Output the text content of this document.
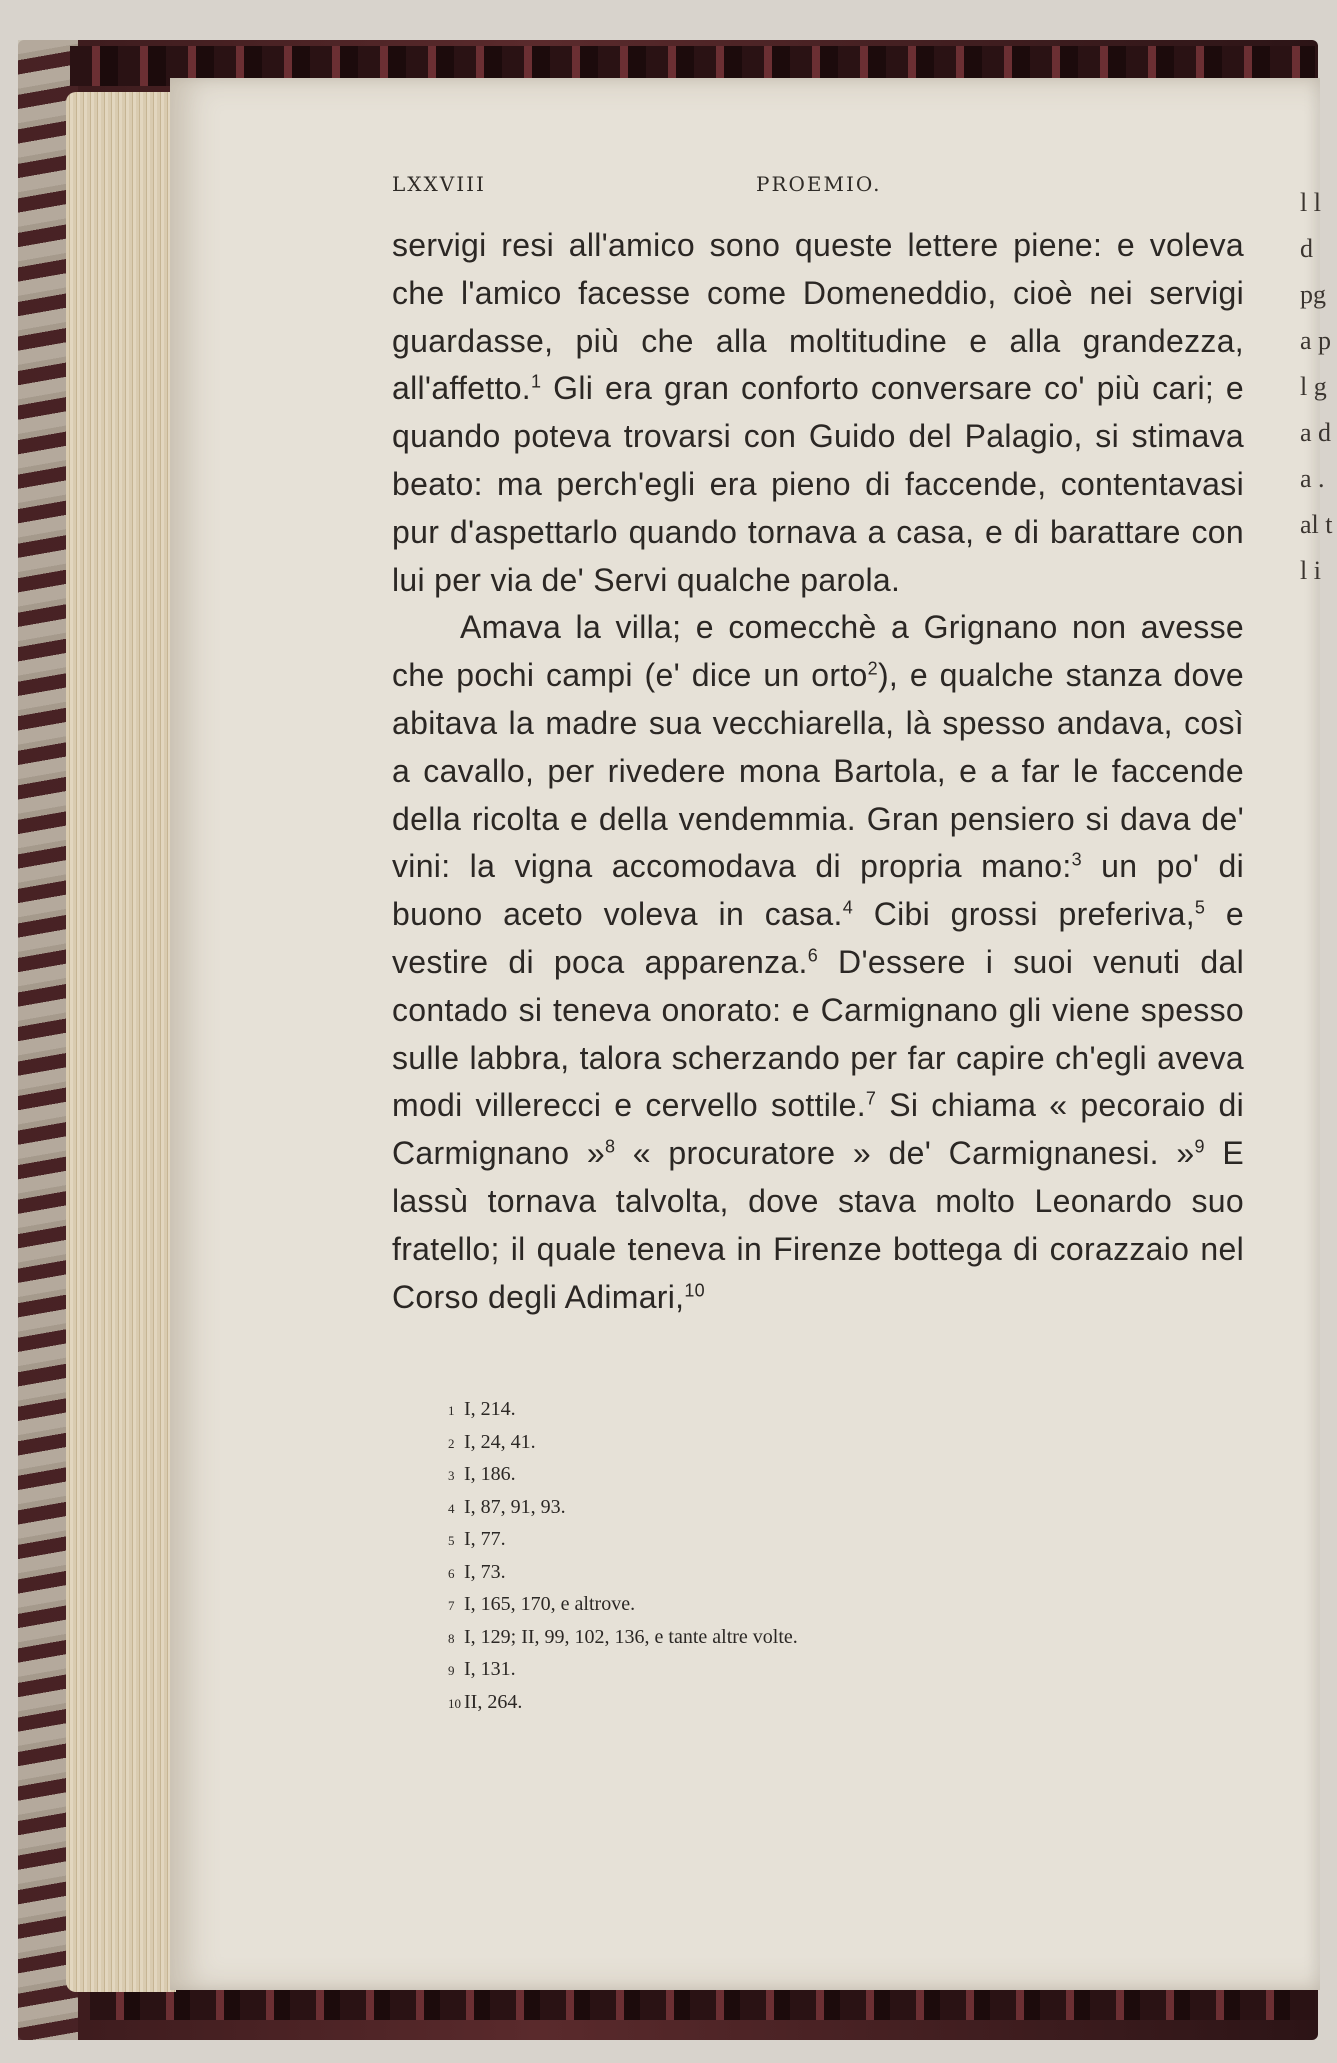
l l d pg a p l g a d a . al t l i
LXXVIII	PROEMIO.

servigi resi all'amico sono queste lettere piene: e voleva che l'amico facesse come Domeneddio, cioè nei servigi guardasse, più che alla moltitudine e alla grandezza, all'affetto.$^1$ Gli era gran conforto conversare co' più cari; e quando poteva trovarsi con Guido del Palagio, si stimava beato: ma perch'egli era pieno di faccende, contentavasi pur d'aspettarlo quando tornava a casa, e di barattare con lui per via de' Servi qualche parola.

Amava la villa; e comecchè a Grignano non avesse che pochi campi (e' dice un orto$^2$), e qualche stanza dove abitava la madre sua vecchiarella, là spesso andava, così a cavallo, per rivedere mona Bartola, e a far le faccende della ricolta e della vendemmia. Gran pensiero si dava de' vini: la vigna accomodava di propria mano:$^3$ un po' di buono aceto voleva in casa.$^4$ Cibi grossi preferiva,$^5$ e vestire di poca apparenza.$^6$ D'essere i suoi venuti dal contado si teneva onorato: e Carmignano gli viene spesso sulle labbra, talora scherzando per far capire ch'egli aveva modi villerecci e cervello sottile.$^7$ Si chiama « pecoraio di Carmignano »$^8$ « procuratore » de' Carmignanesi. »$^9$ E lassù tornava talvolta, dove stava molto Leonardo suo fratello; il quale teneva in Firenze bottega di corazzaio nel Corso degli Adimari,$^{10}$

1 I, 214.
2 I, 24, 41.
3 I, 186.
4 I, 87, 91, 93.
5 I, 77.
6 I, 73.
7 I, 165, 170, e altrove.
8 I, 129; II, 99, 102, 136, e tante altre volte.
9 I, 131.
10 II, 264.
